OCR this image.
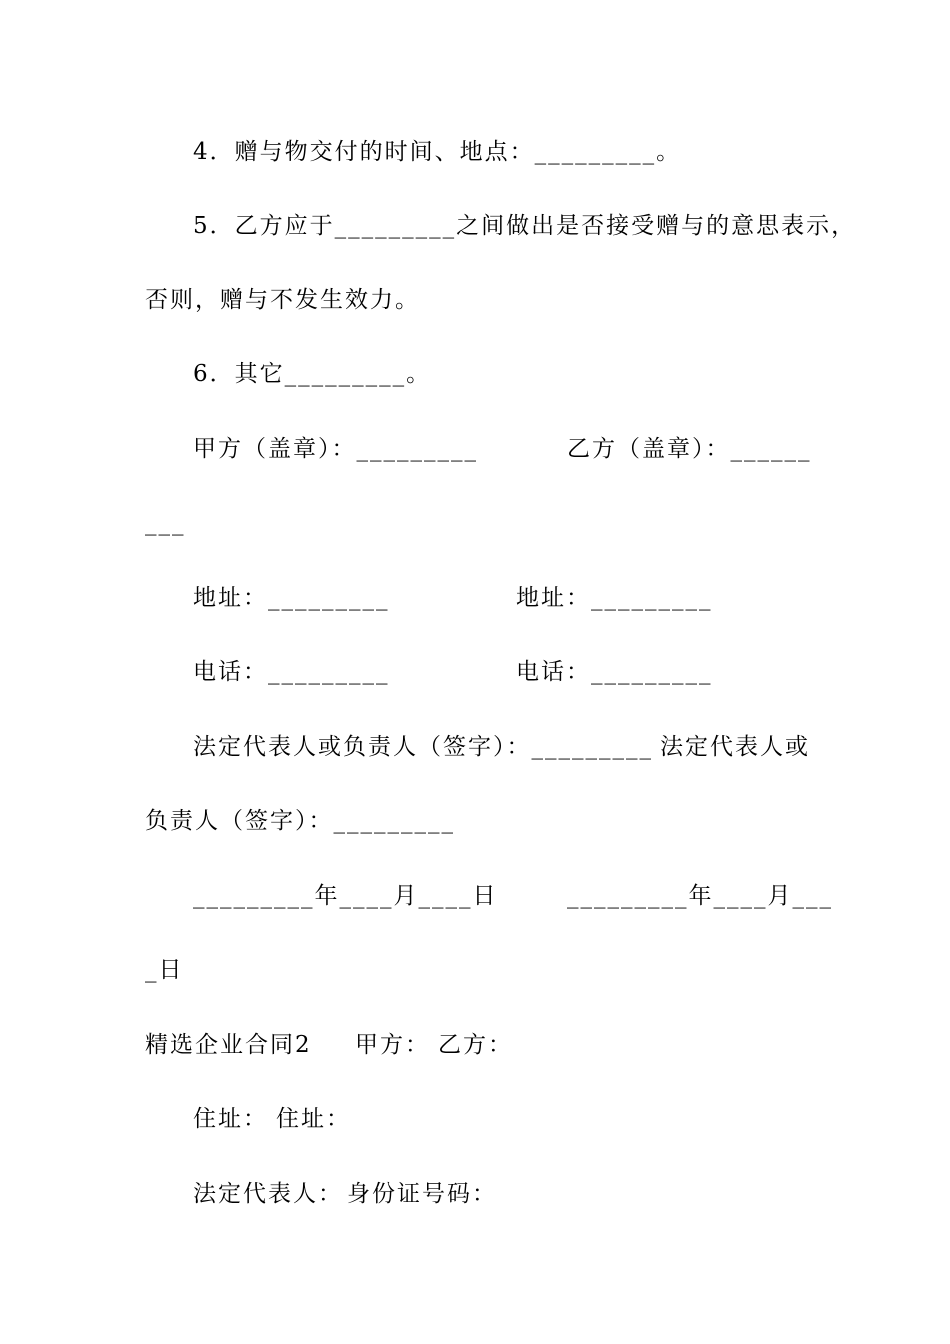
4．赠与物交付的时间、地点：_________。
5．乙方应于_________之间做出是否接受赠与的意思表示，
否则，赠与不发生效力。
6．其它_________。
甲方（盖章）：_________	乙方（盖章）：______
___
地址：_________	地址：_________
电话：_________	电话：_________
法定代表人或负责人（签字）：_________ 法定代表人或
负责人（签字）：_________
_________年____月____日	_________年____月___
_日
精选企业合同2 甲方： 乙方：
住址： 住址：
法定代表人： 身份证号码：
